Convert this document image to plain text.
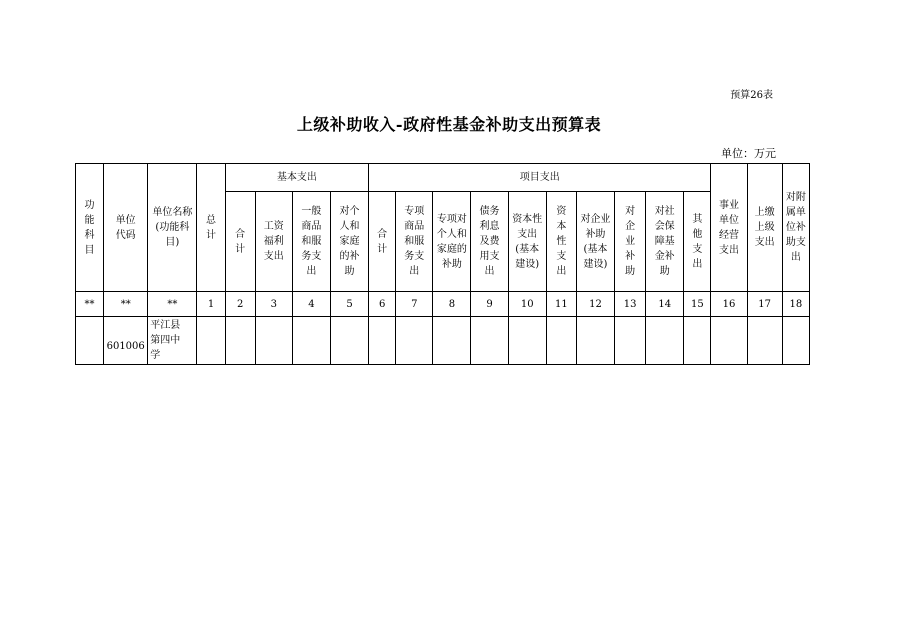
预算26表
上级补助收入-政府性基金补助支出预算表
单位：万元
功能科目	单位代码	单位名称(功能科目)	总计	基本支出				项目支出										事业单位经营支出	上缴上级支出	对附属单位补助支出
				合计	工资福利支出	一般商品和服务支出	对个人和家庭的补助	合计	专项商品和服务支出	专项对个人和家庭的补助	债务利息及费用支出	资本性支出(基本建设)	资本性支出	对企业补助(基本建设)	对企业补助	对社会保障基金补助	其他支出			
**	**	**	1	2	3	4	5	6	7	8	9	10	11	12	13	14	15	16	17	18
	601006	平江县第四中学																		
